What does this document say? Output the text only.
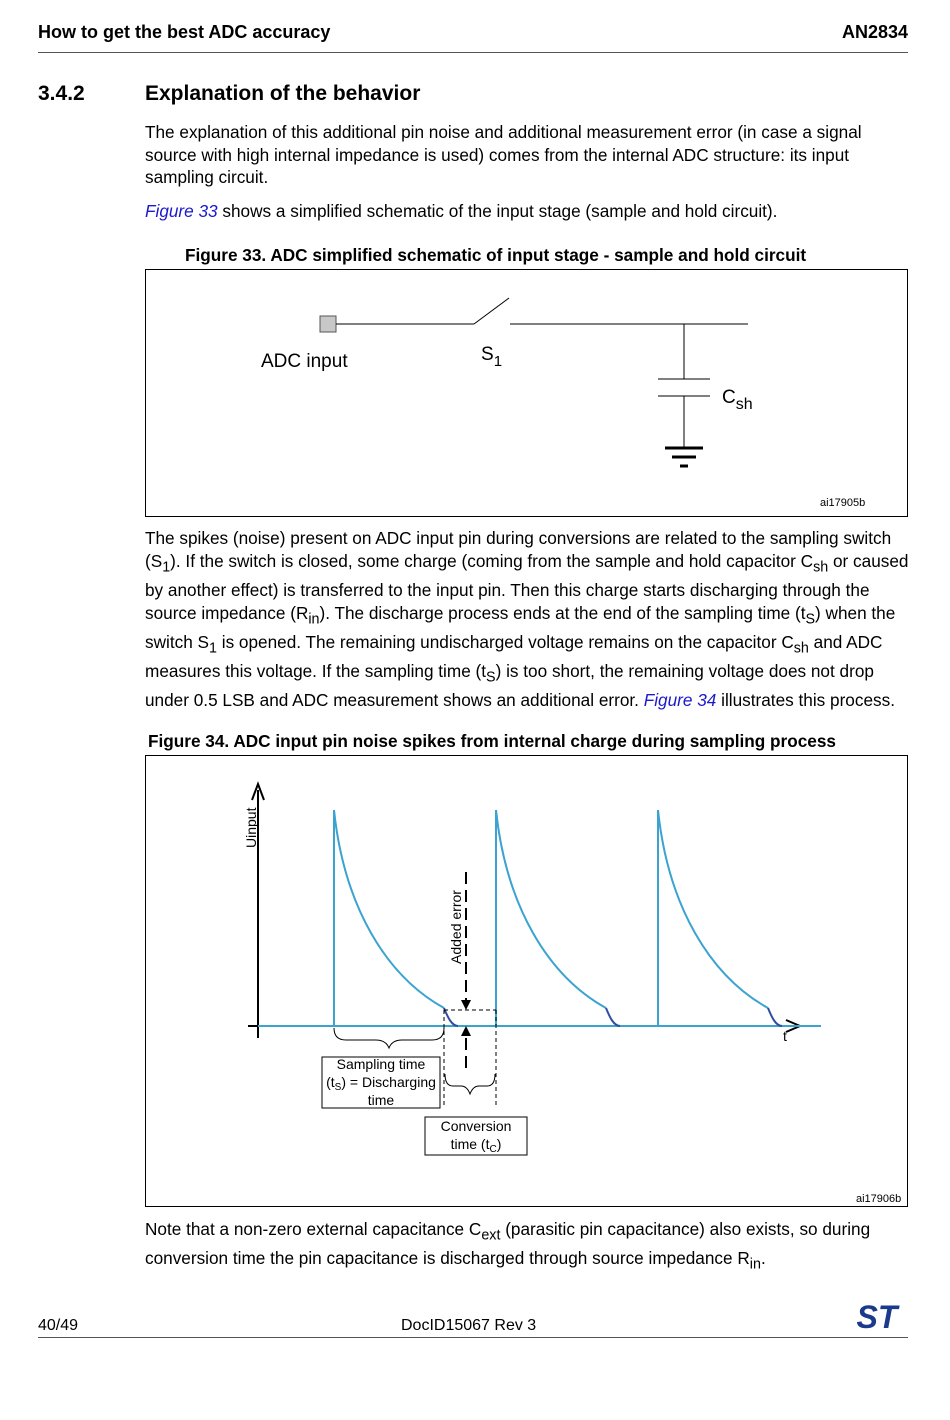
How to get the best ADC accuracy	AN2834
3.4.2	Explanation of the behavior

The explanation of this additional pin noise and additional measurement error (in case a signal source with high internal impedance is used) comes from the internal ADC structure: its input sampling circuit.

Figure 33 shows a simplified schematic of the input stage (sample and hold circuit).

Figure 33. ADC simplified schematic of input stage - sample and hold circuit
ADC input	$S_1$
$C_{sh}$
ai17905b

The spikes (noise) present on ADC input pin during conversions are related to the sampling switch $(S_1)$. If the switch is closed, some charge (coming from the sample and hold capacitor $C_{sh}$ or caused by another effect) is transferred to the input pin. Then this charge starts discharging through the source impedance $(R_{in})$. The discharge process ends at the end of the sampling time $(t_S)$ when the switch $S_1$ is opened. The remaining undischarged voltage remains on the capacitor $C_{sh}$ and ADC measures this voltage. If the sampling time $(t_S)$ is too short, the remaining voltage does not drop under 0.5 LSB and ADC measurement shows an additional error. Figure 34 illustrates this process.

Figure 34. ADC input pin noise spikes from internal charge during sampling process
Added error
Sampling time
$(t_S)$ = Discharging
time
Conversion
time $(t_C)$
Uinput
t
ai17906b

Note that a non-zero external capacitance $C_{ext}$ (parasitic pin capacitance) also exists, so during conversion time the pin capacitance is discharged through source impedance $R_{in}$.

40/49	DocID15067 Rev 3	ST
